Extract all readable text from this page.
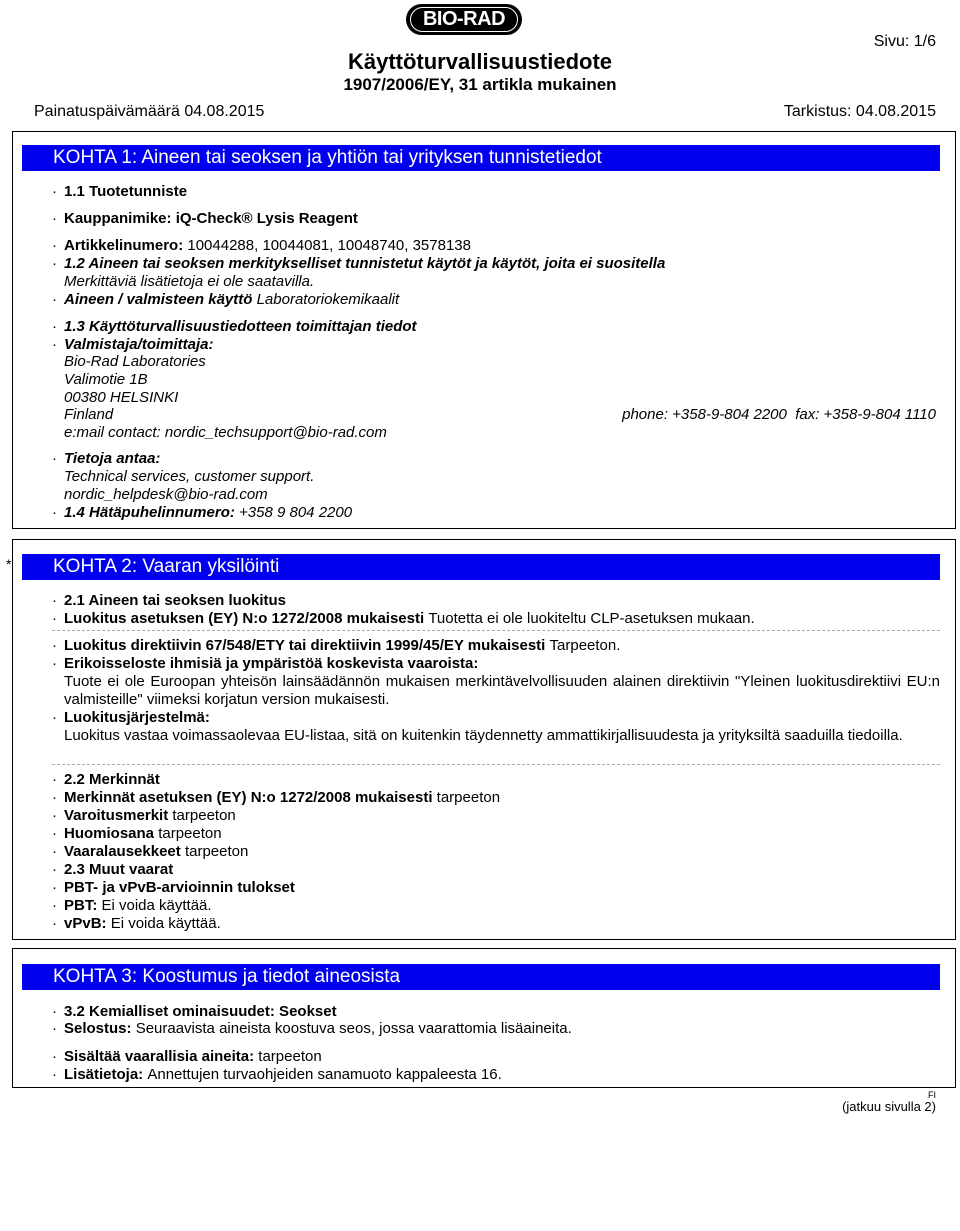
BIO-RAD
Käyttöturvallisuustiedote
1907/2006/EY, 31 artikla mukainen
Sivu: 1/6
Painatuspäivämäärä 04.08.2015	Tarkistus: 04.08.2015
KOHTA 1: Aineen tai seoksen ja yhtiön tai yrityksen tunnistetiedot
· 1.1 Tuotetunniste
· Kauppanimike: iQ-Check® Lysis Reagent
· Artikkelinumero: 10044288, 10044081, 10048740, 3578138
· 1.2 Aineen tai seoksen merkitykselliset tunnistetut käytöt ja käytöt, joita ei suositella
Merkittäviä lisätietoja ei ole saatavilla.
· Aineen / valmisteen käyttö Laboratoriokemikaalit
· 1.3 Käyttöturvallisuustiedotteen toimittajan tiedot
· Valmistaja/toimittaja:
Bio-Rad Laboratories
Valimotie 1B
00380 HELSINKI
Finland	phone: +358-9-804 2200  fax: +358-9-804 1110
e:mail contact: nordic_techsupport@bio-rad.com
· Tietoja antaa:
Technical services, customer support.
nordic_helpdesk@bio-rad.com
· 1.4 Hätäpuhelinnumero: +358 9 804 2200
*	KOHTA 2: Vaaran yksilöinti
· 2.1 Aineen tai seoksen luokitus
· Luokitus asetuksen (EY) N:o 1272/2008 mukaisesti Tuotetta ei ole luokiteltu CLP-asetuksen mukaan.
· Luokitus direktiivin 67/548/ETY tai direktiivin 1999/45/EY mukaisesti Tarpeeton.
· Erikoisseloste ihmisiä ja ympäristöä koskevista vaaroista:
Tuote ei ole Euroopan yhteisön lainsäädännön mukaisen merkintävelvollisuuden alainen direktiivin "Yleinen luokitusdirektiivi EU:n valmisteille" viimeksi korjatun version mukaisesti.
· Luokitusjärjestelmä:
Luokitus vastaa voimassaolevaa EU-listaa, sitä on kuitenkin täydennetty ammattikirjallisuudesta ja yrityksiltä saaduilla tiedoilla.
· 2.2 Merkinnät
· Merkinnät asetuksen (EY) N:o 1272/2008 mukaisesti tarpeeton
· Varoitusmerkit tarpeeton
· Huomiosana tarpeeton
· Vaaralausekkeet tarpeeton
· 2.3 Muut vaarat
· PBT- ja vPvB-arvioinnin tulokset
· PBT: Ei voida käyttää.
· vPvB: Ei voida käyttää.
KOHTA 3: Koostumus ja tiedot aineosista
· 3.2 Kemialliset ominaisuudet: Seokset
· Selostus: Seuraavista aineista koostuva seos, jossa vaarattomia lisäaineita.
· Sisältää vaarallisia aineita: tarpeeton
· Lisätietoja: Annettujen turvaohjeiden sanamuoto kappaleesta 16.
FI
(jatkuu sivulla 2)
